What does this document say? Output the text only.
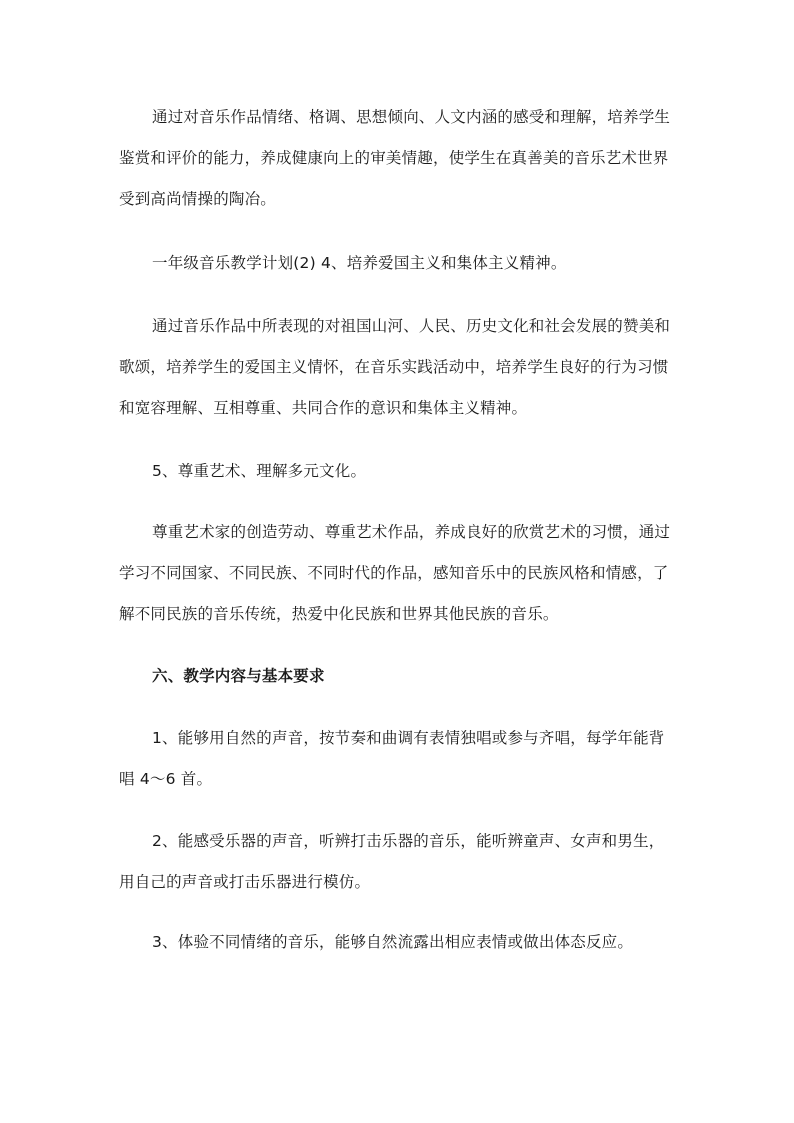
通过对音乐作品情绪、格调、思想倾向、人文内涵的感受和理解，培养学生
鉴赏和评价的能力，养成健康向上的审美情趣，使学生在真善美的音乐艺术世界
受到高尚情操的陶冶。
一年级音乐教学计划(2) 4、培养爱国主义和集体主义精神。
通过音乐作品中所表现的对祖国山河、人民、历史文化和社会发展的赞美和
歌颂，培养学生的爱国主义情怀，在音乐实践活动中，培养学生良好的行为习惯
和宽容理解、互相尊重、共同合作的意识和集体主义精神。
5、尊重艺术、理解多元文化。
尊重艺术家的创造劳动、尊重艺术作品，养成良好的欣赏艺术的习惯，通过
学习不同国家、不同民族、不同时代的作品，感知音乐中的民族风格和情感，了
解不同民族的音乐传统，热爱中化民族和世界其他民族的音乐。
六、教学内容与基本要求
1、能够用自然的声音，按节奏和曲调有表情独唱或参与齐唱，每学年能背
唱 4～6 首。
2、能感受乐器的声音，听辨打击乐器的音乐，能听辨童声、女声和男生，
用自己的声音或打击乐器进行模仿。
3、体验不同情绪的音乐，能够自然流露出相应表情或做出体态反应。
